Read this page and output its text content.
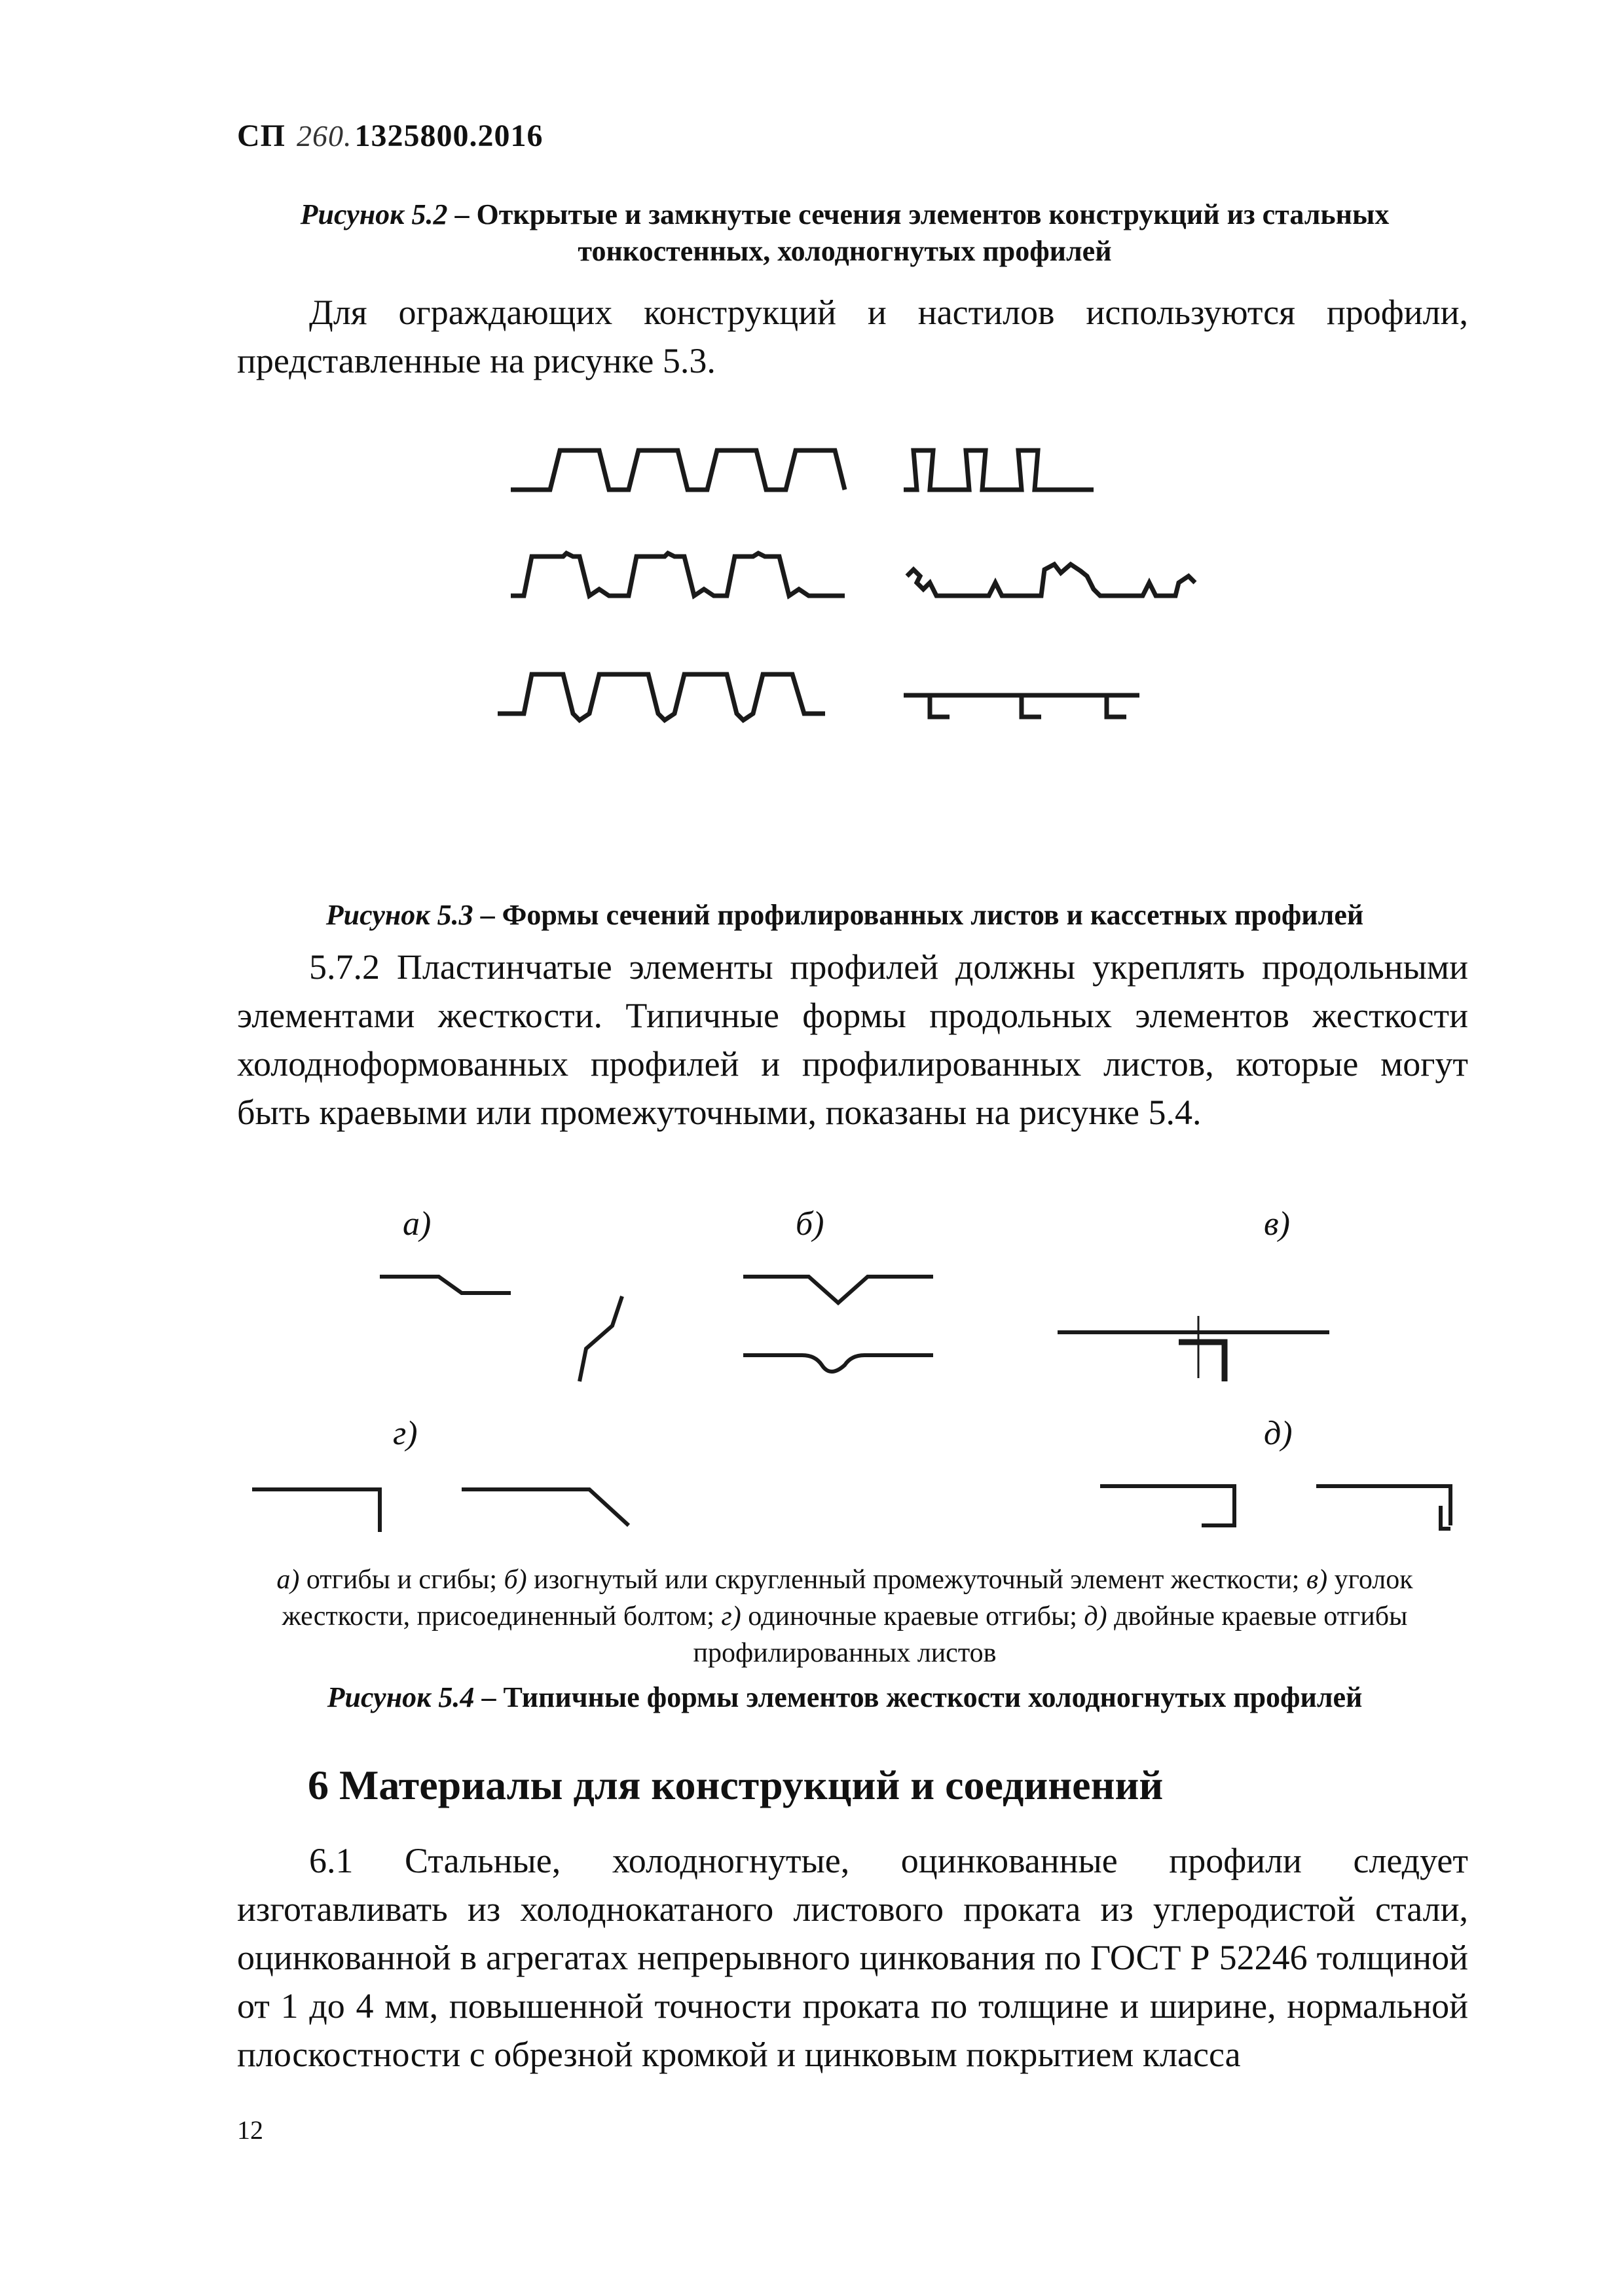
СП 260.1325800.2016
Рисунок 5.2 – Открытые и замкнутые сечения элементов конструкций из стальных тонкостенных, холодногнутых профилей
Для ограждающих конструкций и настилов используются профили, представленные на рисунке 5.3.
Рисунок 5.3 – Формы сечений профилированных листов и кассетных профилей
5.7.2 Пластинчатые элементы профилей должны укреплять продольными элементами жесткости. Типичные формы продольных элементов жесткости холодноформованных профилей и профилированных листов, которые могут быть краевыми или промежуточными, показаны на рисунке 5.4.
а)	б)	в)
г)	д)
а) отгибы и сгибы; б) изогнутый или скругленный промежуточный элемент жесткости; в) уголок жесткости, присоединенный болтом; г) одиночные краевые отгибы; д) двойные краевые отгибы профилированных листов
Рисунок 5.4 – Типичные формы элементов жесткости холодногнутых профилей
6 Материалы для конструкций и соединений
6.1 Стальные, холодногнутые, оцинкованные профили следует изготавливать из холоднокатаного листового проката из углеродистой стали, оцинкованной в агрегатах непрерывного цинкования по ГОСТ Р 52246 толщиной от 1 до 4 мм, повышенной точности проката по толщине и ширине, нормальной плоскостности с обрезной кромкой и цинковым покрытием класса
12
